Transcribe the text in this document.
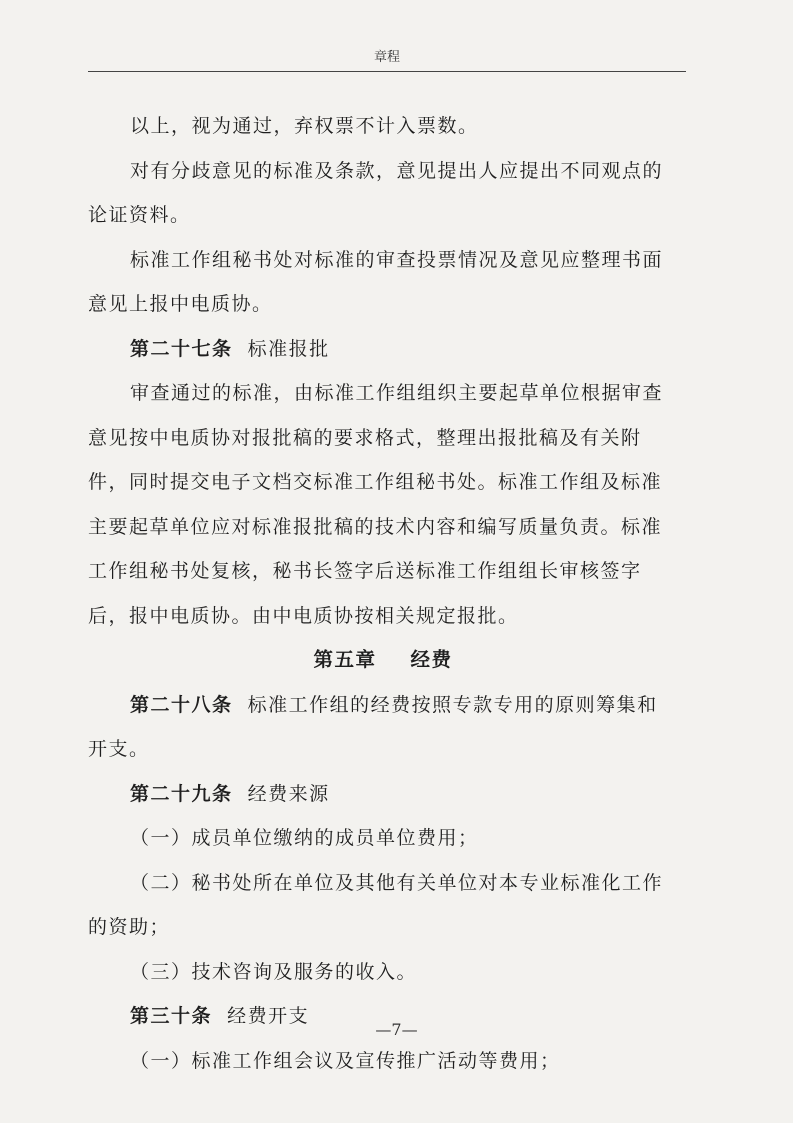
章程

以上，视为通过，弃权票不计入票数。

对有分歧意见的标准及条款，意见提出人应提出不同观点的论证资料。

标准工作组秘书处对标准的审查投票情况及意见应整理书面意见上报中电质协。

第二十七条 标准报批

审查通过的标准，由标准工作组组织主要起草单位根据审查意见按中电质协对报批稿的要求格式，整理出报批稿及有关附件，同时提交电子文档交标准工作组秘书处。标准工作组及标准主要起草单位应对标准报批稿的技术内容和编写质量负责。标准工作组秘书处复核，秘书长签字后送标准工作组组长审核签字后，报中电质协。由中电质协按相关规定报批。

第五章 经费

第二十八条 标准工作组的经费按照专款专用的原则筹集和开支。

第二十九条 经费来源

（一）成员单位缴纳的成员单位费用；

（二）秘书处所在单位及其他有关单位对本专业标准化工作的资助；

（三）技术咨询及服务的收入。

第三十条 经费开支

（一）标准工作组会议及宣传推广活动等费用；

—7—
